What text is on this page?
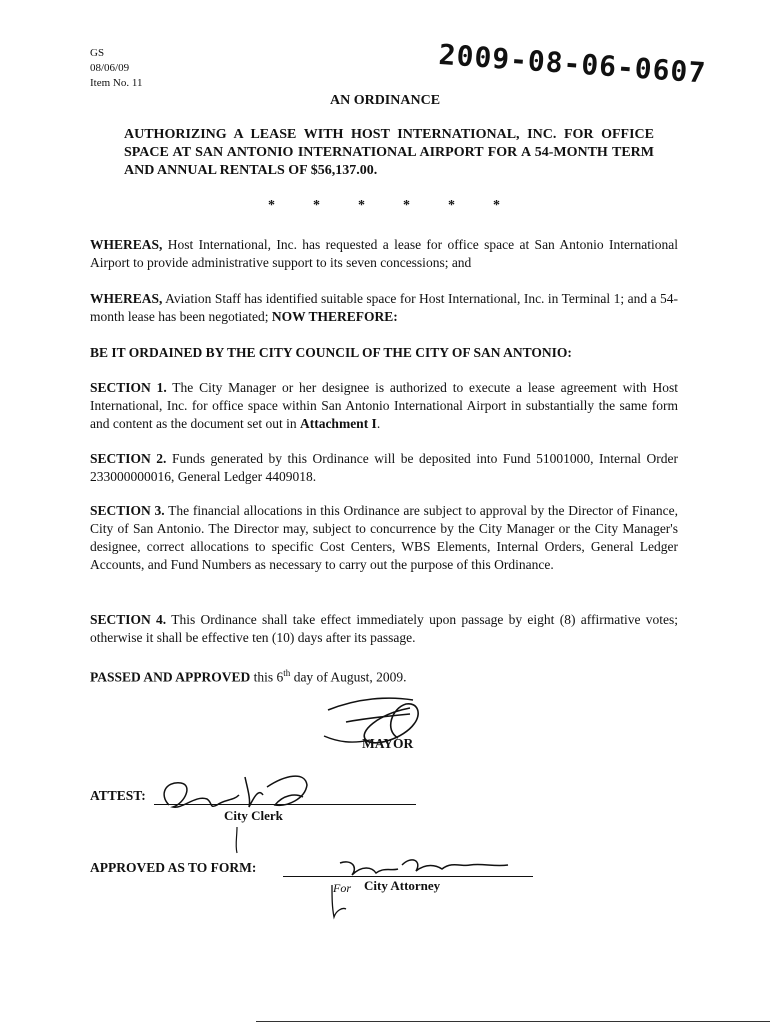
GS
08/06/09
Item No. 11	2009-08-06-0607
AN ORDINANCE
AUTHORIZING A LEASE WITH HOST INTERNATIONAL, INC. FOR OFFICE SPACE AT SAN ANTONIO INTERNATIONAL AIRPORT FOR A 54-MONTH TERM AND ANNUAL RENTALS OF $56,137.00.
*	*	*	*	*	*
WHEREAS, Host International, Inc. has requested a lease for office space at San Antonio International Airport to provide administrative support to its seven concessions; and
WHEREAS, Aviation Staff has identified suitable space for Host International, Inc. in Terminal 1; and a 54-month lease has been negotiated; NOW THEREFORE:
BE IT ORDAINED BY THE CITY COUNCIL OF THE CITY OF SAN ANTONIO:
SECTION 1. The City Manager or her designee is authorized to execute a lease agreement with Host International, Inc. for office space within San Antonio International Airport in substantially the same form and content as the document set out in Attachment I.
SECTION 2. Funds generated by this Ordinance will be deposited into Fund 51001000, Internal Order 233000000016, General Ledger 4409018.
SECTION 3. The financial allocations in this Ordinance are subject to approval by the Director of Finance, City of San Antonio. The Director may, subject to concurrence by the City Manager or the City Manager's designee, correct allocations to specific Cost Centers, WBS Elements, Internal Orders, General Ledger Accounts, and Fund Numbers as necessary to carry out the purpose of this Ordinance.
SECTION 4. This Ordinance shall take effect immediately upon passage by eight (8) affirmative votes; otherwise it shall be effective ten (10) days after its passage.
PASSED AND APPROVED this 6th day of August, 2009.
MAYOR
ATTEST:
City Clerk
APPROVED AS TO FORM:
For City Attorney
